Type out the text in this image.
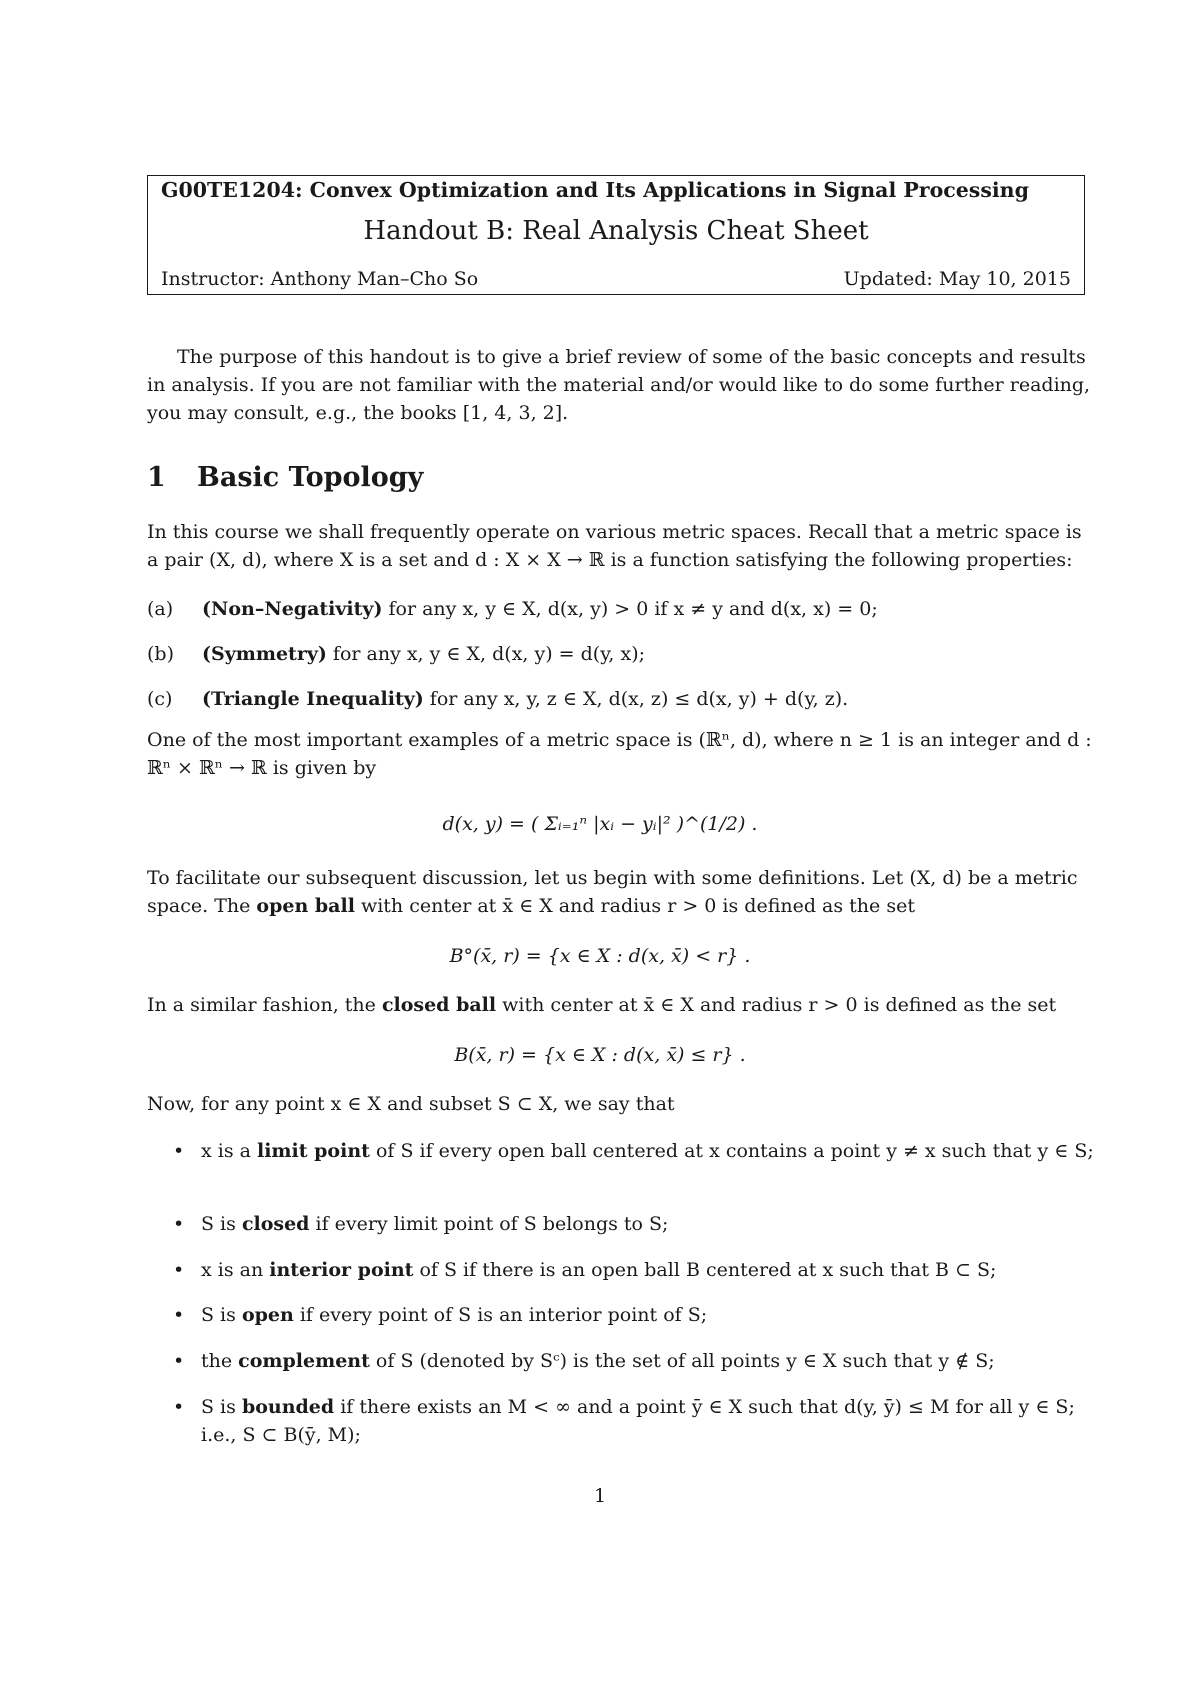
G00TE1204: Convex Optimization and Its Applications in Signal Processing
Handout B: Real Analysis Cheat Sheet
Instructor: Anthony Man–Cho So	Updated: May 10, 2015
The purpose of this handout is to give a brief review of some of the basic concepts and results in analysis. If you are not familiar with the material and/or would like to do some further reading, you may consult, e.g., the books [1, 4, 3, 2].
1 Basic Topology
In this course we shall frequently operate on various metric spaces. Recall that a metric space is a pair (X, d), where X is a set and d : X × X → ℝ is a function satisfying the following properties:
(a) (Non–Negativity) for any x, y ∈ X, d(x, y) > 0 if x ≠ y and d(x, x) = 0;
(b) (Symmetry) for any x, y ∈ X, d(x, y) = d(y, x);
(c) (Triangle Inequality) for any x, y, z ∈ X, d(x, z) ≤ d(x, y) + d(y, z).
One of the most important examples of a metric space is (ℝⁿ, d), where n ≥ 1 is an integer and d : ℝⁿ × ℝⁿ → ℝ is given by
d(x, y) = ( Σᵢ₌₁ⁿ |xᵢ − yᵢ|² )^(1/2) .
To facilitate our subsequent discussion, let us begin with some definitions. Let (X, d) be a metric space. The open ball with center at x̄ ∈ X and radius r > 0 is defined as the set
B°(x̄, r) = {x ∈ X : d(x, x̄) < r} .
In a similar fashion, the closed ball with center at x̄ ∈ X and radius r > 0 is defined as the set
B(x̄, r) = {x ∈ X : d(x, x̄) ≤ r} .
Now, for any point x ∈ X and subset S ⊂ X, we say that
• x is a limit point of S if every open ball centered at x contains a point y ≠ x such that y ∈ S;
• S is closed if every limit point of S belongs to S;
• x is an interior point of S if there is an open ball B centered at x such that B ⊂ S;
• S is open if every point of S is an interior point of S;
• the complement of S (denoted by Sᶜ) is the set of all points y ∈ X such that y ∉ S;
• S is bounded if there exists an M < ∞ and a point ȳ ∈ X such that d(y, ȳ) ≤ M for all y ∈ S; i.e., S ⊂ B(ȳ, M);
1
